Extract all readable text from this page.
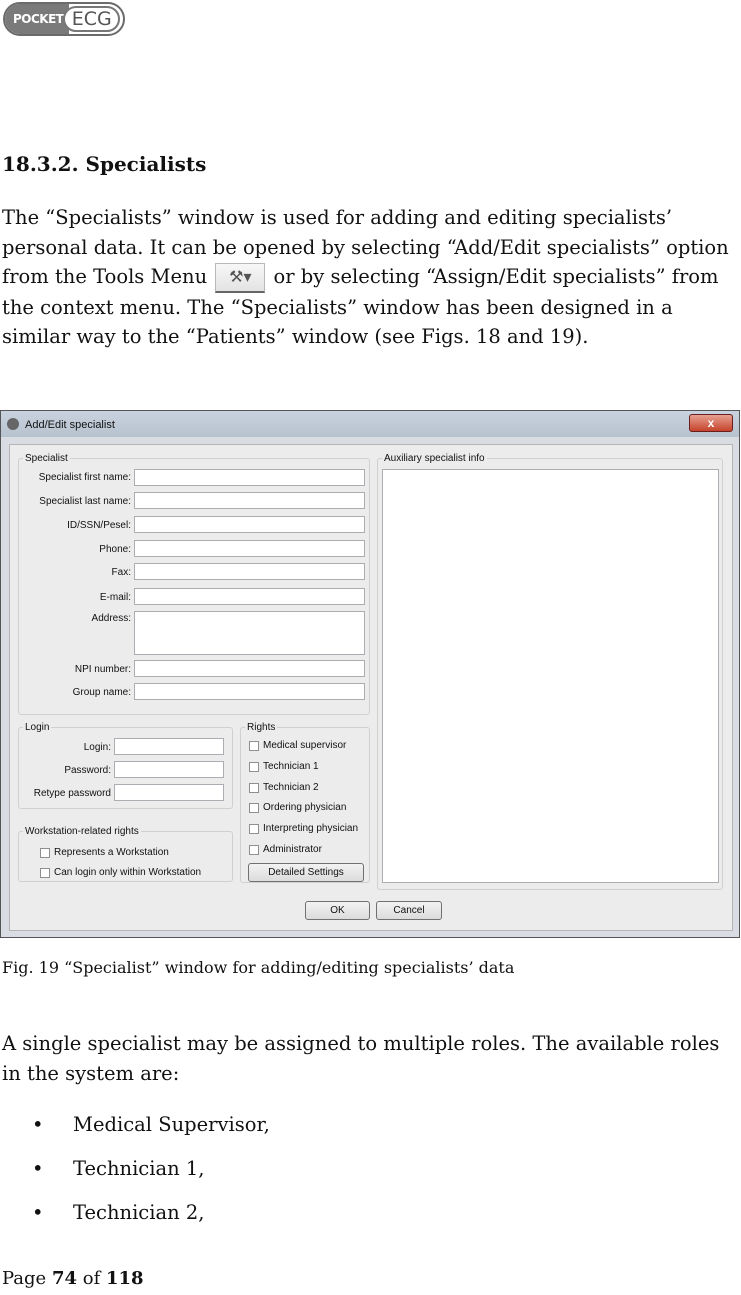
POCKET ECG
18.3.2. Specialists
The “Specialists” window is used for adding and editing specialists’ personal data. It can be opened by selecting “Add/Edit specialists” option from the Tools Menu ⚒▾ or by selecting “Assign/Edit specialists” from the context menu. The “Specialists” window has been designed in a similar way to the “Patients” window (see Figs. 18 and 19).
Add/Edit specialist	x
Specialist
Specialist first name:
Specialist last name:
ID/SSN/Pesel:
Phone:
Fax:
E-mail:
Address:
NPI number:
Group name:
Auxiliary specialist info
Login
Login:
Password:
Retype password
Workstation-related rights
Represents a Workstation
Can login only within Workstation
Rights
Medical supervisor
Technician 1
Technician 2
Ordering physician
Interpreting physician
Administrator
Detailed Settings
OK	Cancel
Fig. 19 “Specialist” window for adding/editing specialists’ data
A single specialist may be assigned to multiple roles. The available roles in the system are:
• Medical Supervisor,
• Technician 1,
• Technician 2,
Page 74 of 118
